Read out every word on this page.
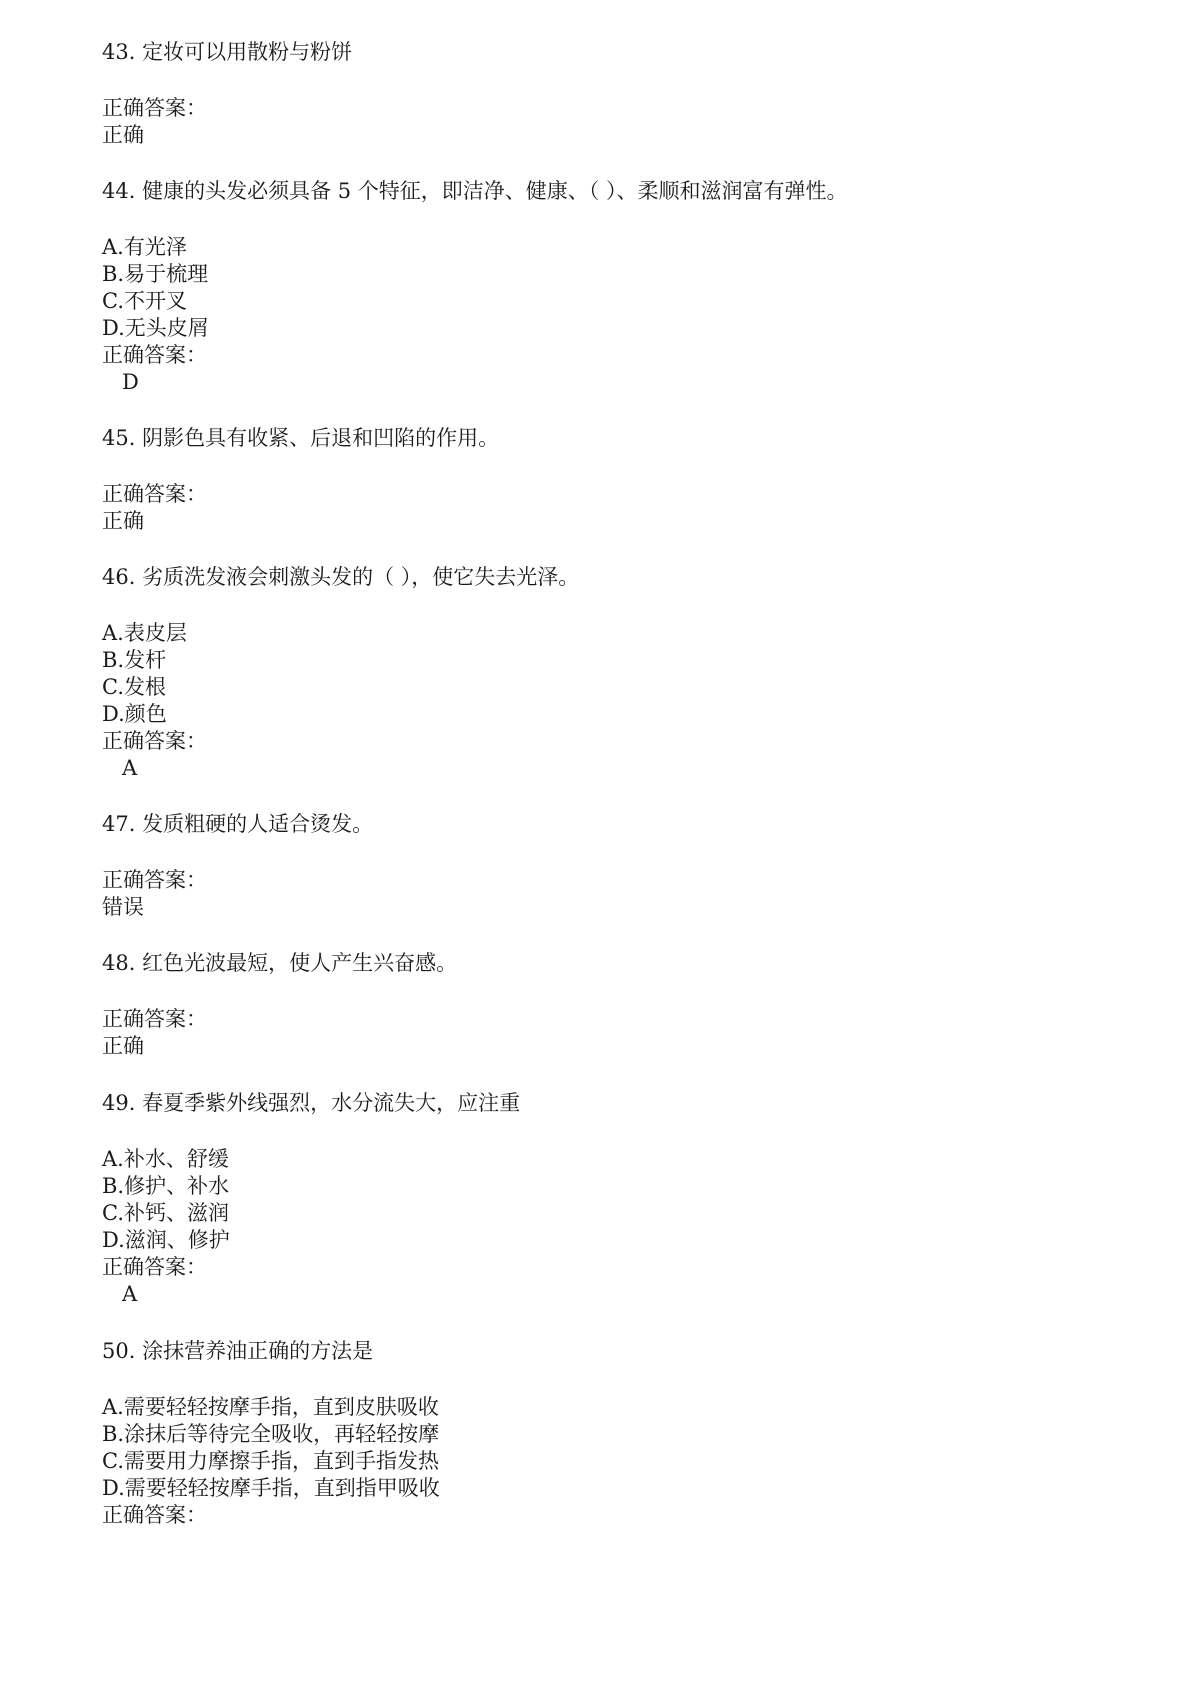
43. 定妆可以用散粉与粉饼
正确答案：
正确
44. 健康的头发必须具备 5 个特征，即洁净、健康、（ ）、柔顺和滋润富有弹性。
A.有光泽
B.易于梳理
C.不开叉
D.无头皮屑
正确答案：
D
45. 阴影色具有收紧、后退和凹陷的作用。
正确答案：
正确
46. 劣质洗发液会刺激头发的（ ），使它失去光泽。
A.表皮层
B.发杆
C.发根
D.颜色
正确答案：
A
47. 发质粗硬的人适合烫发。
正确答案：
错误
48. 红色光波最短，使人产生兴奋感。
正确答案：
正确
49. 春夏季紫外线强烈，水分流失大，应注重
A.补水、舒缓
B.修护、补水
C.补钙、滋润
D.滋润、修护
正确答案：
A
50. 涂抹营养油正确的方法是
A.需要轻轻按摩手指，直到皮肤吸收
B.涂抹后等待完全吸收，再轻轻按摩
C.需要用力摩擦手指，直到手指发热
D.需要轻轻按摩手指，直到指甲吸收
正确答案：
